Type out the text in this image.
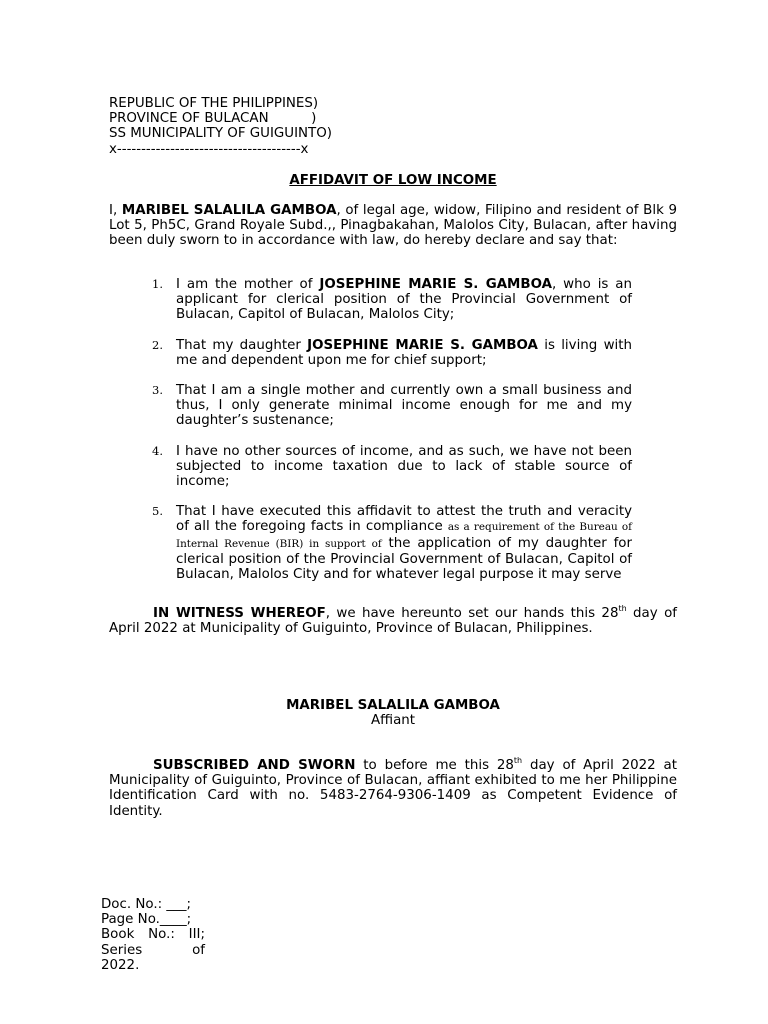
REPUBLIC OF THE PHILIPPINES)
PROVINCE OF BULACAN          )
SS MUNICIPALITY OF GUIGUINTO)
x--------------------------------------x
AFFIDAVIT OF LOW INCOME
I, MARIBEL SALALILA GAMBOA, of legal age, widow, Filipino and resident of Blk 9 Lot 5, Ph5C, Grand Royale Subd.,, Pinagbakahan, Malolos City, Bulacan, after having been duly sworn to in accordance with law, do hereby declare and say that:
1. I am the mother of JOSEPHINE MARIE S. GAMBOA, who is an applicant for clerical position of the Provincial Government of Bulacan, Capitol of Bulacan, Malolos City;
2. That my daughter JOSEPHINE MARIE S. GAMBOA is living with me and dependent upon me for chief support;
3. That I am a single mother and currently own a small business and thus, I only generate minimal income enough for me and my daughter’s sustenance;
4. I have no other sources of income, and as such, we have not been subjected to income taxation due to lack of stable source of income;
5. That I have executed this affidavit to attest the truth and veracity of all the foregoing facts in compliance as a requirement of the Bureau of Internal Revenue (BIR) in support of the application of my daughter for clerical position of the Provincial Government of Bulacan, Capitol of Bulacan, Malolos City and for whatever legal purpose it may serve
IN WITNESS WHEREOF, we have hereunto set our hands this 28th day of April 2022 at Municipality of Guiguinto, Province of Bulacan, Philippines.
MARIBEL SALALILA GAMBOA
Affiant
SUBSCRIBED AND SWORN to before me this 28th day of April 2022 at Municipality of Guiguinto, Province of Bulacan, affiant exhibited to me her Philippine Identification Card with no. 5483-2764-9306-1409 as Competent Evidence of Identity.
Doc. No.: ___;
Page No.____;
Book No.: III;
Series of
2022.
